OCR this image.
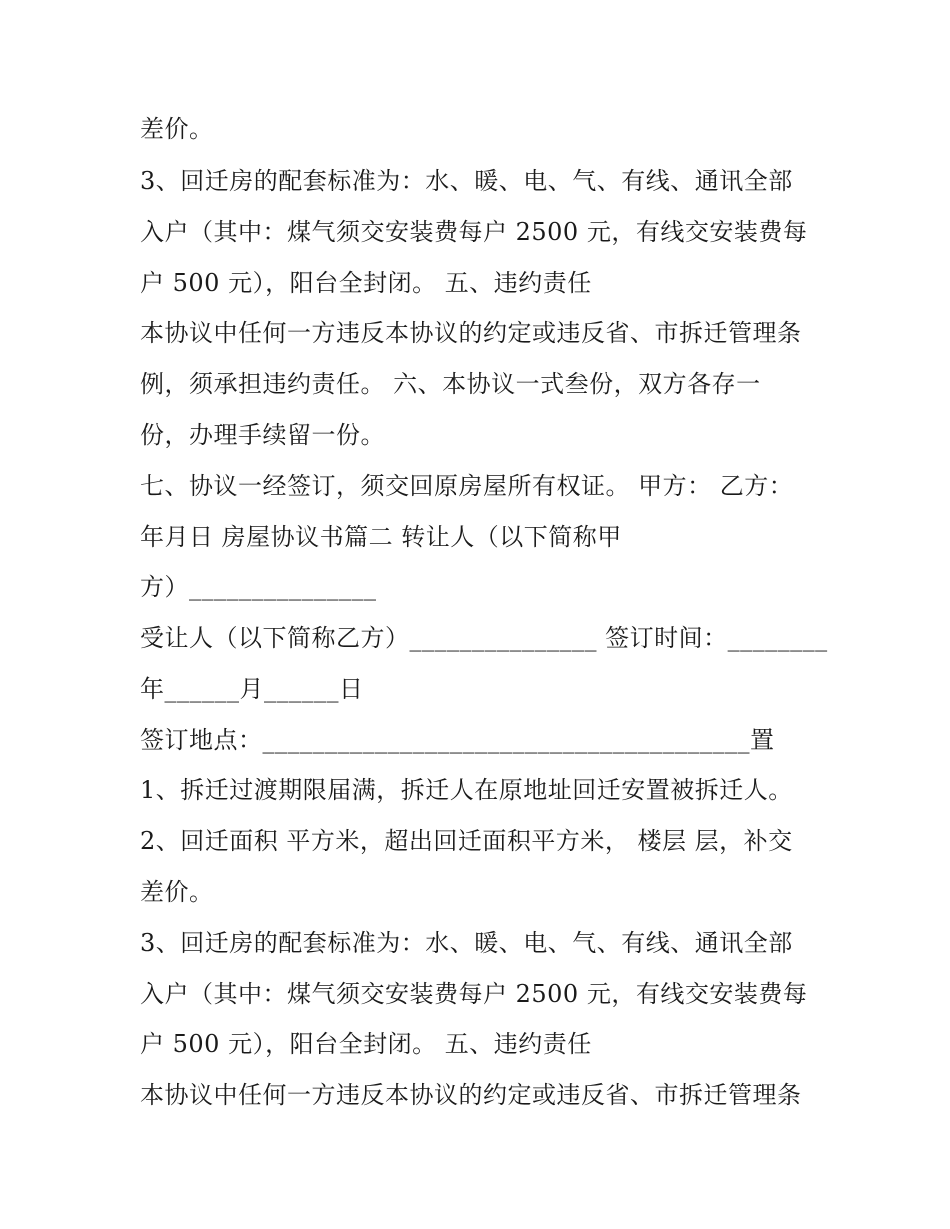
差价。
3、回迁房的配套标准为：水、暖、电、气、有线、通讯全部
入户（其中：煤气须交安装费每户 2500 元，有线交安装费每
户 500 元），阳台全封闭。 五、违约责任
本协议中任何一方违反本协议的约定或违反省、市拆迁管理条
例，须承担违约责任。 六、本协议一式叁份，双方各存一
份，办理手续留一份。
七、协议一经签订，须交回原房屋所有权证。 甲方： 乙方：
年月日 房屋协议书篇二 转让人（以下简称甲
方）_______________
受让人（以下简称乙方）_______________ 签订时间：________
年______月______日
签订地点：_______________________________________置
1、拆迁过渡期限届满，拆迁人在原地址回迁安置被拆迁人。
2、回迁面积 平方米，超出回迁面积平方米， 楼层 层，补交
差价。
3、回迁房的配套标准为：水、暖、电、气、有线、通讯全部
入户（其中：煤气须交安装费每户 2500 元，有线交安装费每
户 500 元），阳台全封闭。 五、违约责任
本协议中任何一方违反本协议的约定或违反省、市拆迁管理条
